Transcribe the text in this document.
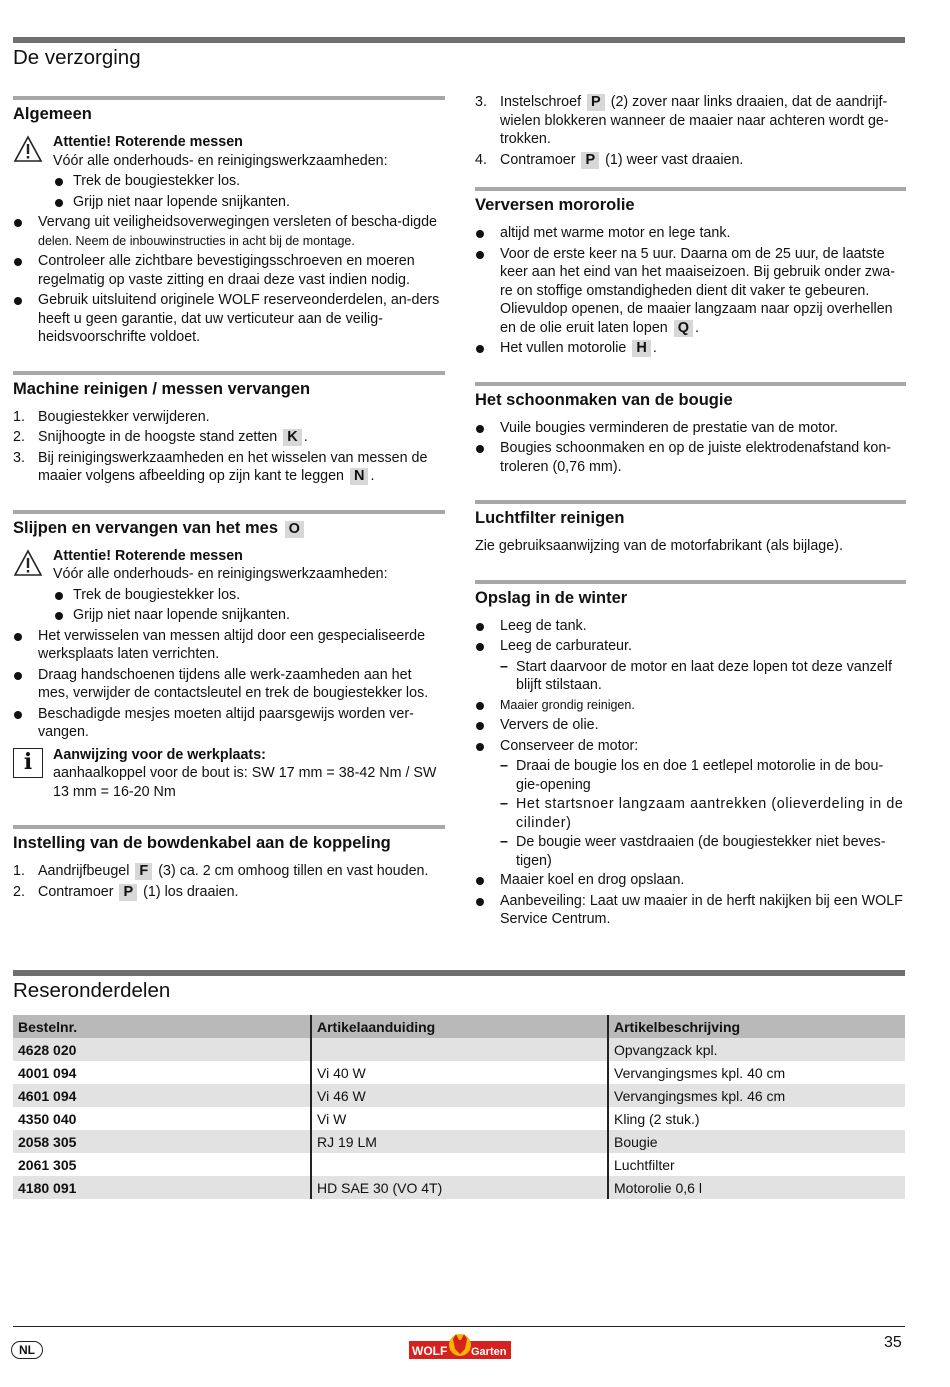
De verzorging
Algemeen
Attentie! Roterende messen
Vóór alle onderhouds- en reinigingswerkzaamheden:
Trek de bougiestekker los.
Grijp niet naar lopende snijkanten.
Vervang uit veiligheidsoverwegingen versleten of bescha-digde delen. Neem de inbouwinstructies in acht bij de montage.
Controleer alle zichtbare bevestigingsschroeven en moeren regelmatig op vaste zitting en draai deze vast indien nodig.
Gebruik uitsluitend originele WOLF reserveonderdelen, an-ders heeft u geen garantie, dat uw verticuteur aan de veilig-heidsvoorschrifte voldoet.
Machine reinigen / messen vervangen
1. Bougiestekker verwijderen.
2. Snijhoogte in de hoogste stand zetten K .
3. Bij reinigingswerkzaamheden en het wisselen van messen de maaier volgens afbeelding op zijn kant te leggen N .
Slijpen en vervangen van het mes O
Attentie! Roterende messen
Vóór alle onderhouds- en reinigingswerkzaamheden:
Trek de bougiestekker los.
Grijp niet naar lopende snijkanten.
Het verwisselen van messen altijd door een gespecialiseerde werksplaats laten verrichten.
Draag handschoenen tijdens alle werk-zaamheden aan het mes, verwijder de contactsleutel en trek de bougiestekker los.
Beschadigde mesjes moeten altijd paarsgewijs worden ver-vangen.
i	Aanwijzing voor de werkplaats:
aanhaalkoppel voor de bout is: SW 17 mm = 38-42 Nm / SW 13 mm = 16-20 Nm
Instelling van de bowdenkabel aan de koppeling
1. Aandrijfbeugel F (3) ca. 2 cm omhoog tillen en vast houden.
2. Contramoer P (1) los draaien.
3. Instelschroef P (2) zover naar links draaien, dat de aandrijf-wielen blokkeren wanneer de maaier naar achteren wordt ge-trokken.
4. Contramoer P (1) weer vast draaien.
Verversen mororolie
altijd met warme motor en lege tank.
Voor de erste keer na 5 uur. Daarna om de 25 uur, de laatste keer aan het eind van het maaiseizoen. Bij gebruik onder zwa-re on stoffige omstandigheden dient dit vaker te gebeuren. Olievuldop openen, de maaier langzaam naar opzij overhellen en de olie eruit laten lopen Q .
Het vullen motorolie H .
Het schoonmaken van de bougie
Vuile bougies verminderen de prestatie van de motor.
Bougies schoonmaken en op de juiste elektrodenafstand kon-troleren (0,76 mm).
Luchtfilter reinigen
Zie gebruiksaanwijzing van de motorfabrikant (als bijlage).
Opslag in de winter
Leeg de tank.
Leeg de carburateur.
– Start daarvoor de motor en laat deze lopen tot deze vanzelf blijft stilstaan.
Maaier grondig reinigen.
Ververs de olie.
Conserveer de motor:
– Draai de bougie los en doe 1 eetlepel motorolie in de bou-gie-opening
– Het startsnoer langzaam aantrekken (olieverdeling in de cilinder)
– De bougie weer vastdraaien (de bougiestekker niet beves-tigen)
Maaier koel en drog opslaan.
Aanbeveiling: Laat uw maaier in de herft nakijken bij een WOLF Service Centrum.
Reseronderdelen
Bestelnr.	Artikelaanduiding	Artikelbeschrijving
4628 020		Opvangzack kpl.
4001 094	Vi 40 W	Vervangingsmes kpl. 40 cm
4601 094	Vi 46 W	Vervangingsmes kpl. 46 cm
4350 040	Vi W	Kling (2 stuk.)
2058 305	RJ 19 LM	Bougie
2061 305		Luchtfilter
4180 091	HD SAE 30 (VO 4T)	Motorolie 0,6 l
NL	WOLF Garten
35
